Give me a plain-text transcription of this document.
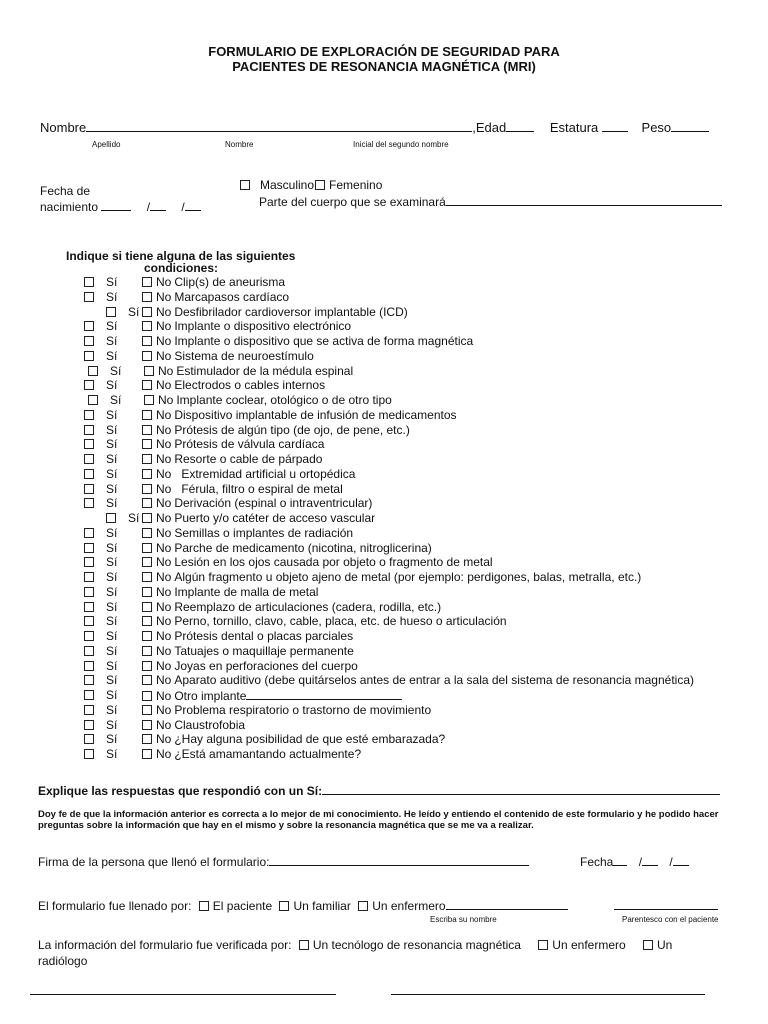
FORMULARIO DE EXPLORACIÓN DE SEGURIDAD PARA
PACIENTES DE RESONANCIA MAGNÉTICA (MRI)
Nombre	,Edad	Estatura	Peso
Apellido	Nombre	Inicial del segundo nombre
Fecha de
nacimiento	/	/
Masculino Femenino
Parte del cuerpo que se examinará
Indique si tiene alguna de las siguientes
condiciones:
Sí	No Clip(s) de aneurisma
Sí	No Marcapasos cardíaco
Sí	No Desfibrilador cardioversor implantable (ICD)
Sí	No Implante o dispositivo electrónico
Sí	No Implante o dispositivo que se activa de forma magnética
Sí	No Sistema de neuroestímulo
Sí	No Estimulador de la médula espinal
Sí	No Electrodos o cables internos
Sí	No Implante coclear, otológico o de otro tipo
Sí	No Dispositivo implantable de infusión de medicamentos
Sí	No Prótesis de algún tipo (de ojo, de pene, etc.)
Sí	No Prótesis de válvula cardíaca
Sí	No Resorte o cable de párpado
Sí	No Extremidad artificial u ortopédica
Sí	No Férula, filtro o espiral de metal
Sí	No Derivación (espinal o intraventricular)
Sí	No Puerto y/o catéter de acceso vascular
Sí	No Semillas o implantes de radiación
Sí	No Parche de medicamento (nicotina, nitroglicerina)
Sí	No Lesión en los ojos causada por objeto o fragmento de metal
Sí	No Algún fragmento u objeto ajeno de metal (por ejemplo: perdigones, balas, metralla, etc.)
Sí	No Implante de malla de metal
Sí	No Reemplazo de articulaciones (cadera, rodilla, etc.)
Sí	No Perno, tornillo, clavo, cable, placa, etc. de hueso o articulación
Sí	No Prótesis dental o placas parciales
Sí	No Tatuajes o maquillaje permanente
Sí	No Joyas en perforaciones del cuerpo
Sí	No Aparato auditivo (debe quitárselos antes de entrar a la sala del sistema de resonancia magnética)
Sí	No Otro implante
Sí	No Problema respiratorio o trastorno de movimiento
Sí	No Claustrofobia
Sí	No ¿Hay alguna posibilidad de que esté embarazada?
Sí	No ¿Está amamantando actualmente?
Explique las respuestas que respondió con un Sí:
Doy fe de que la información anterior es correcta a lo mejor de mi conocimiento. He leído y entiendo el contenido de este formulario y he podido hacer preguntas sobre la información que hay en el mismo y sobre la resonancia magnética que se me va a realizar.
Firma de la persona que llenó el formulario:	Fecha / /
El formulario fue llenado por: El paciente Un familiar Un enfermero
Escriba su nombre	Parentesco con el paciente
La información del formulario fue verificada por: Un tecnólogo de resonancia magnética	Un enfermero	Un
radiólogo
